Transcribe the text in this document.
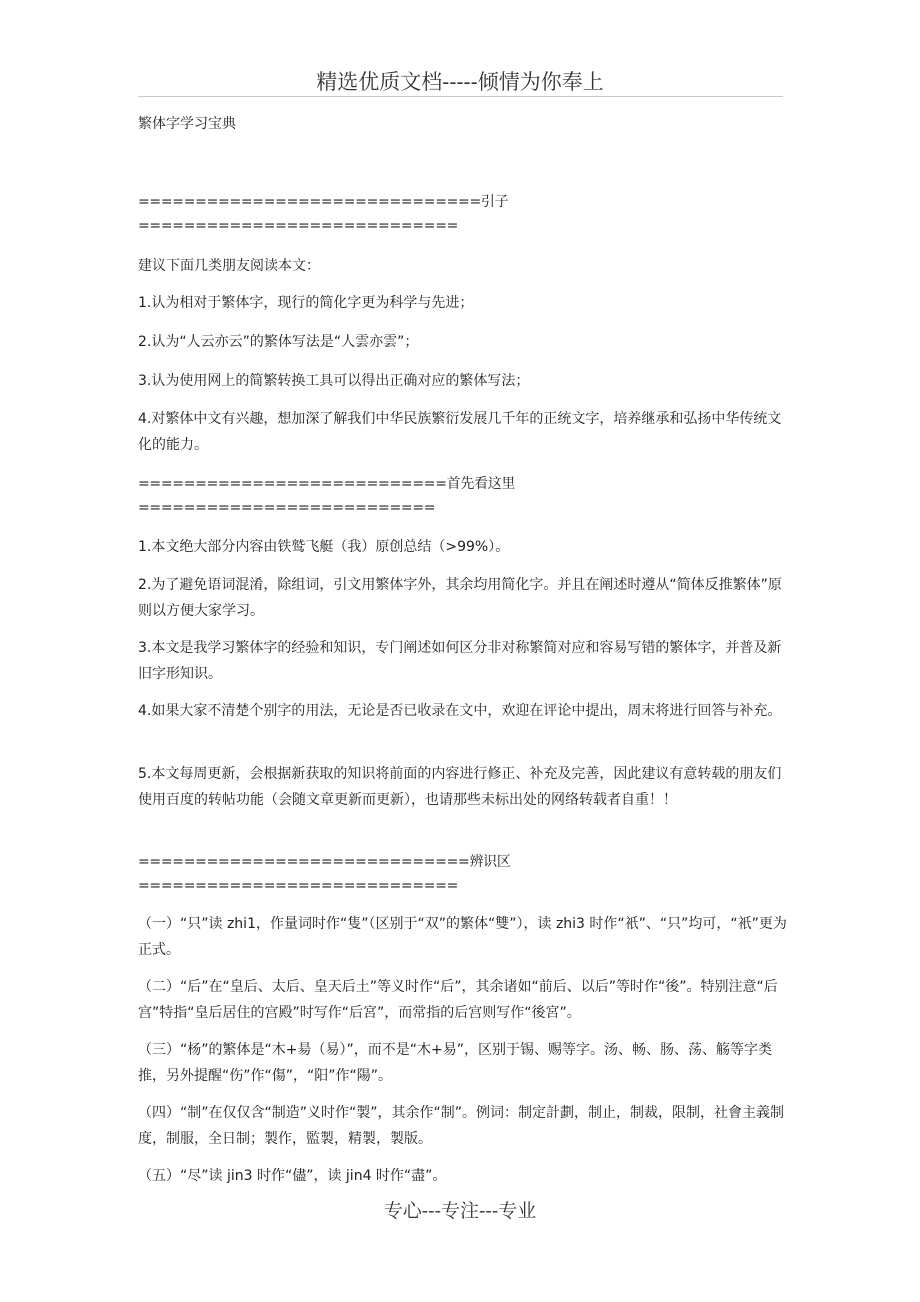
精选优质文档-----倾情为你奉上
繁体字学习宝典
==============================引子
============================

建议下面几类朋友阅读本文：

1.认为相对于繁体字，现行的简化字更为科学与先进；

2.认为“人云亦云”的繁体写法是“人雲亦雲”；

3.认为使用网上的简繁转换工具可以得出正确对应的繁体写法；

4.对繁体中文有兴趣，想加深了解我们中华民族繁衍发展几千年的正统文字，培养继承和弘扬中华传统文化的能力。

===========================首先看这里
==========================

1.本文绝大部分内容由铁鹫飞艇（我）原创总结（>99%）。

2.为了避免语词混淆，除组词，引文用繁体字外，其余均用简化字。并且在阐述时遵从“简体反推繁体”原则以方便大家学习。

3.本文是我学习繁体字的经验和知识，专门阐述如何区分非对称繁简对应和容易写错的繁体字，并普及新旧字形知识。

4.如果大家不清楚个别字的用法，无论是否已收录在文中，欢迎在评论中提出，周末将进行回答与补充。

5.本文每周更新，会根据新获取的知识将前面的内容进行修正、补充及完善，因此建议有意转载的朋友们使用百度的转帖功能（会随文章更新而更新），也请那些未标出处的网络转载者自重！！

=============================辨识区
============================

（一）“只”读 zhi1，作量词时作“隻”（区别于“双”的繁体“雙”），读 zhi3 时作“衹”、“只”均可，“衹”更为正式。

（二）“后”在“皇后、太后、皇天后土”等义时作“后”，其余诸如“前后、以后”等时作“後”。特别注意“后宫”特指“皇后居住的宫殿”时写作“后宮”，而常指的后宫则写作“後宮”。

（三）“杨”的繁体是“木+昜（易）”，而不是“木+易”，区别于锡、赐等字。汤、畅、肠、荡、觞等字类推，另外提醒“伤”作“傷”，“阳”作“陽”。

（四）“制”在仅仅含“制造”义时作“製”，其余作“制”。例词：制定計劃，制止，制裁，限制，社會主義制度，制服，全日制；製作，監製，精製，製版。

（五）“尽”读 jin3 时作“儘”，读 jin4 时作“盡”。

专心---专注---专业
